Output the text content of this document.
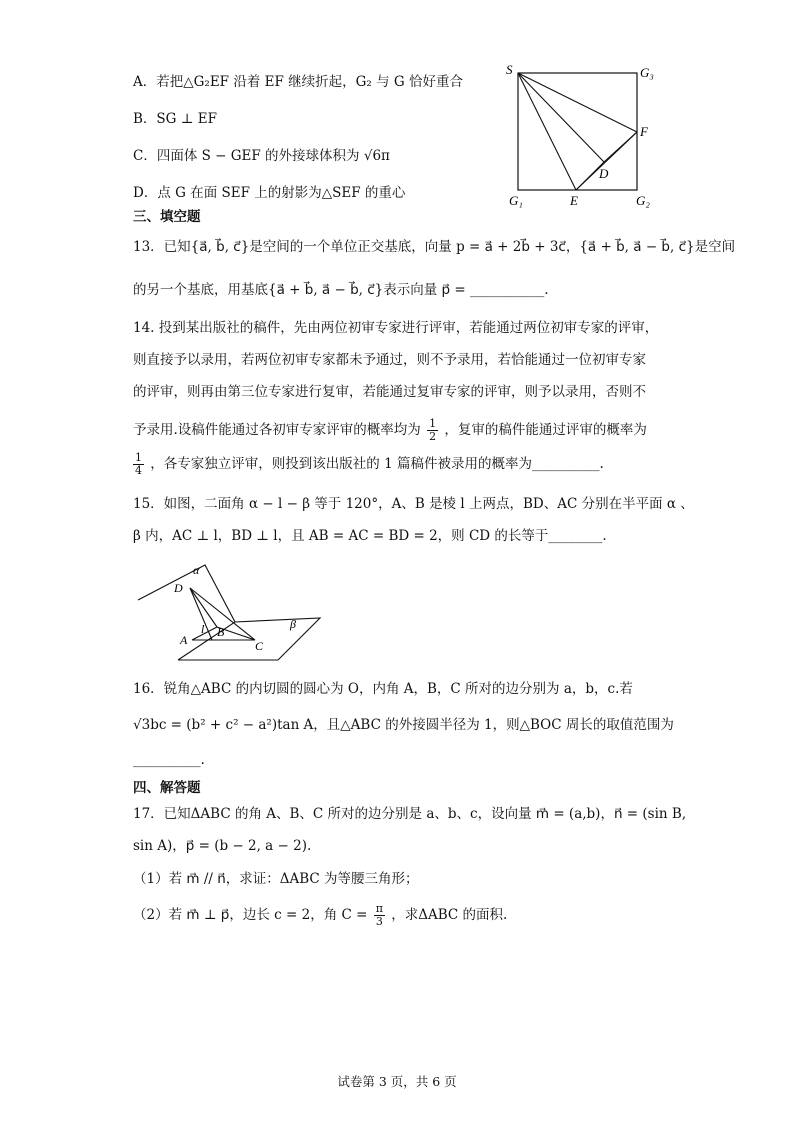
A．若把△G₂EF 沿着 EF 继续折起，G₂ 与 G 恰好重合
B．SG ⊥ EF
C．四面体 S − GEF 的外接球体积为 √6π
D．点 G 在面 SEF 上的射影为△SEF 的重心
S	G₃
F
D
G₁	E	G₂
三、填空题
13．已知{a⃗, b⃗, c⃗}是空间的一个单位正交基底，向量 p = a⃗ + 2b⃗ + 3c⃗，{a⃗ + b⃗, a⃗ − b⃗, c⃗}是空间
的另一个基底，用基底{a⃗ + b⃗, a⃗ − b⃗, c⃗}表示向量 p⃗ = ___________.
14. 投到某出版社的稿件，先由两位初审专家进行评审，若能通过两位初审专家的评审，
则直接予以录用，若两位初审专家都未予通过，则不予录用，若恰能通过一位初审专家
的评审，则再由第三位专家进行复审，若能通过复审专家的评审，则予以录用，否则不
予录用.设稿件能通过各初审专家评审的概率均为 $\frac{1}{2}$ ，复审的稿件能通过评审的概率为
$\frac{1}{4}$ ，各专家独立评审，则投到该出版社的 1 篇稿件被录用的概率为__________.
15．如图，二面角 α − l − β 等于 120°，A、B 是棱 l 上两点，BD、AC 分别在半平面 α 、
β 内，AC ⊥ l，BD ⊥ l，且 AB = AC = BD = 2，则 CD 的长等于________.
α
D
l B
A	C
β
16．锐角△ABC 的内切圆的圆心为 O，内角 A，B，C 所对的边分别为 a，b，c.若
√3bc = (b² + c² − a²)tan A，且△ABC 的外接圆半径为 1，则△BOC 周长的取值范围为
__________.
四、解答题
17．已知ΔABC 的角 A、B、C 所对的边分别是 a、b、c，设向量 m⃗ = (a,b)，n⃗ = (sin B,
sin A)，p⃗ = (b − 2, a − 2).
（1）若 m⃗ // n⃗，求证：ΔABC 为等腰三角形；
（2）若 m⃗ ⊥ p⃗，边长 c = 2，角 $C = \frac{\pi}{3}$ ，求ΔABC 的面积.
试卷第 3 页，共 6 页
